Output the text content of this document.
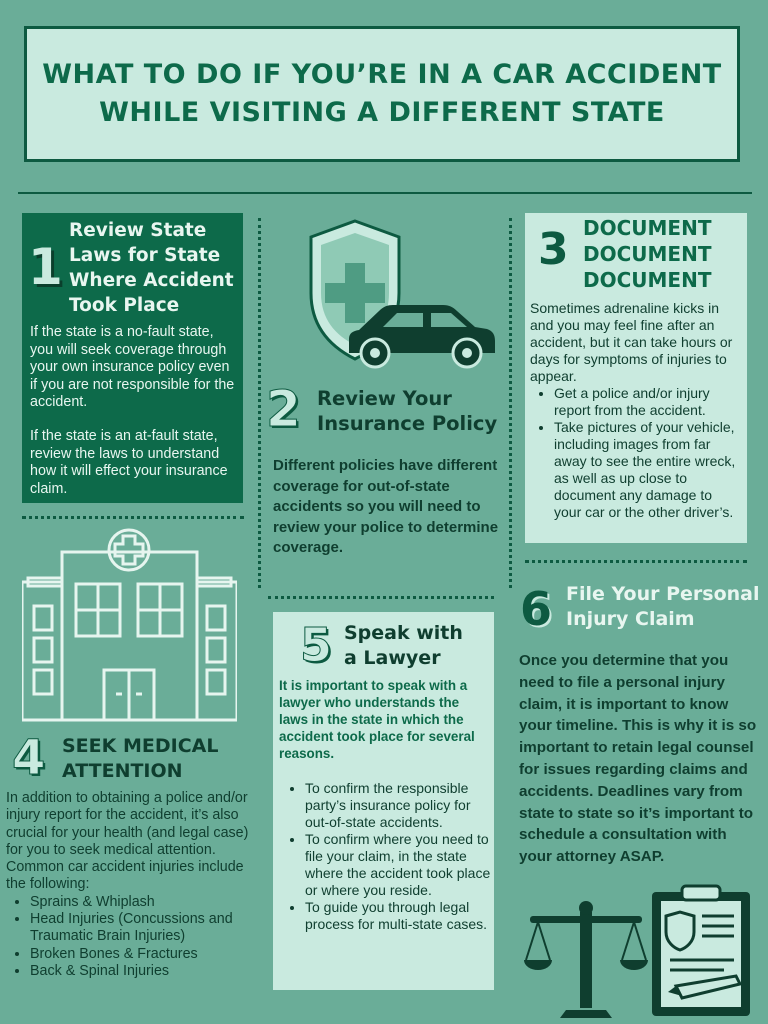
WHAT TO DO IF YOU’RE IN A CAR ACCIDENT
WHILE VISITING A DIFFERENT STATE
1
Review State
Laws for State
Where Accident
Took Place
If the state is a no-fault state, you will seek coverage through your own insurance policy even if you are not responsible for the accident.
If the state is an at-fault state, review the laws to understand how it will effect your insurance claim.
2 Review Your
Insurance Policy
Different policies have different coverage for out-of-state accidents so you will need to review your police to determine coverage.
3 DOCUMENT
DOCUMENT
DOCUMENT
Sometimes adrenaline kicks in and you may feel fine after an accident, but it can take hours or days for symptoms of injuries to appear.
• Get a police and/or injury report from the accident.
• Take pictures of your vehicle, including images from far away to see the entire wreck, as well as up close to document any damage to your car or the other driver’s.
4 SEEK MEDICAL
ATTENTION
In addition to obtaining a police and/or injury report for the accident, it’s also crucial for your health (and legal case) for you to seek medical attention.
Common car accident injuries include the following:
• Sprains & Whiplash
• Head Injuries (Concussions and Traumatic Brain Injuries)
• Broken Bones & Fractures
• Back & Spinal Injuries
5 Speak with
a Lawyer
It is important to speak with a lawyer who understands the laws in the state in which the accident took place for several reasons.
• To confirm the responsible party’s insurance policy for out-of-state accidents.
• To confirm where you need to file your claim, in the state where the accident took place or where you reside.
• To guide you through legal process for multi-state cases.
6 File Your Personal
Injury Claim
Once you determine that you need to file a personal injury claim, it is important to know your timeline. This is why it is so important to retain legal counsel for issues regarding claims and accidents. Deadlines vary from state to state so it’s important to schedule a consultation with your attorney ASAP.
